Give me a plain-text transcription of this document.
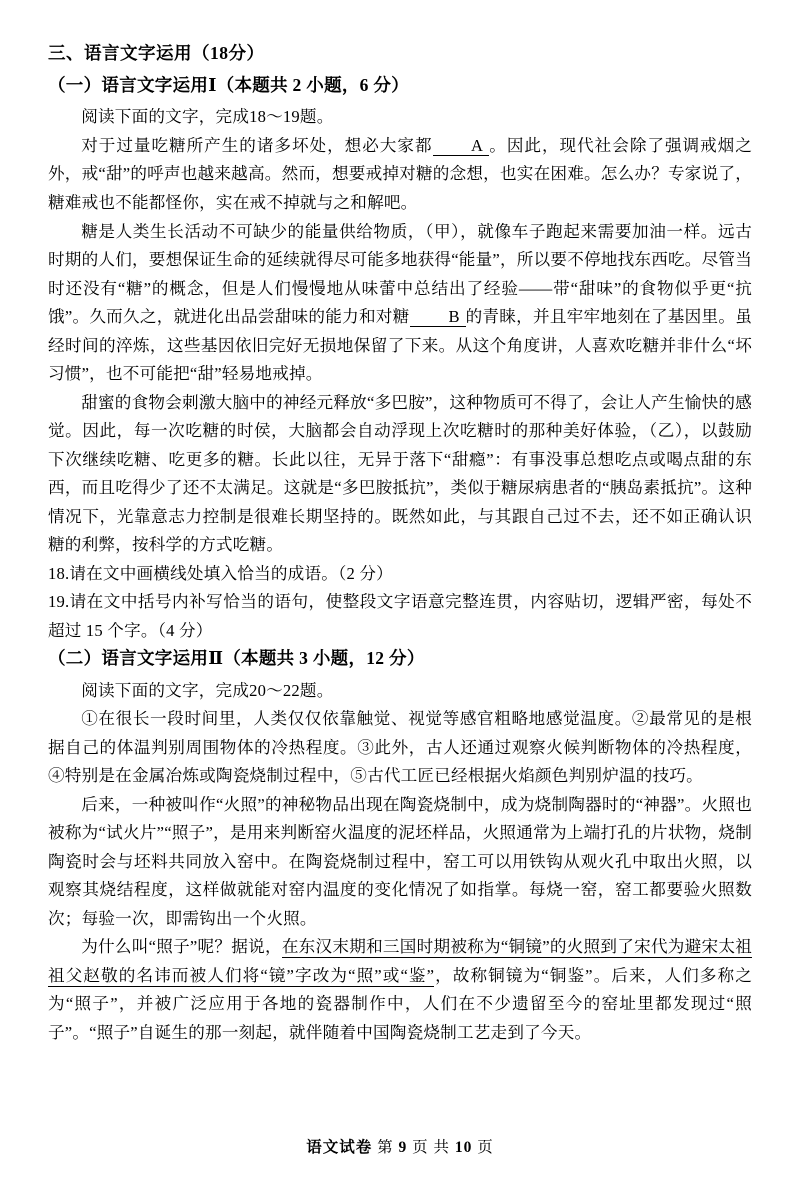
三、语言文字运用（18分）
（一）语言文字运用Ⅰ（本题共 2 小题，6 分）

阅读下面的文字，完成18～19题。

对于过量吃糖所产生的诸多坏处，想必大家都 A 。因此，现代社会除了强调戒烟之外，戒“甜”的呼声也越来越高。然而，想要戒掉对糖的念想，也实在困难。怎么办？专家说了，糖难戒也不能都怪你，实在戒不掉就与之和解吧。

糖是人类生长活动不可缺少的能量供给物质，（甲），就像车子跑起来需要加油一样。远古时期的人们，要想保证生命的延续就得尽可能多地获得“能量”，所以要不停地找东西吃。尽管当时还没有“糖”的概念，但是人们慢慢地从味蕾中总结出了经验——带“甜味”的食物似乎更“抗饿”。久而久之，就进化出品尝甜味的能力和对糖 B 的青睐，并且牢牢地刻在了基因里。虽经时间的淬炼，这些基因依旧完好无损地保留了下来。从这个角度讲，人喜欢吃糖并非什么“坏习惯”，也不可能把“甜”轻易地戒掉。

甜蜜的食物会刺激大脑中的神经元释放“多巴胺”，这种物质可不得了，会让人产生愉快的感觉。因此，每一次吃糖的时侯，大脑都会自动浮现上次吃糖时的那种美好体验，（乙），以鼓励下次继续吃糖、吃更多的糖。长此以往，无异于落下“甜瘾”：有事没事总想吃点或喝点甜的东西，而且吃得少了还不太满足。这就是“多巴胺抵抗”，类似于糖尿病患者的“胰岛素抵抗”。这种情况下，光靠意志力控制是很难长期坚持的。既然如此，与其跟自己过不去，还不如正确认识糖的利弊，按科学的方式吃糖。

18.请在文中画横线处填入恰当的成语。（2 分）

19.请在文中括号内补写恰当的语句，使整段文字语意完整连贯，内容贴切，逻辑严密，每处不超过 15 个字。（4 分）

（二）语言文字运用Ⅱ（本题共 3 小题，12 分）

阅读下面的文字，完成20～22题。

①在很长一段时间里，人类仅仅依靠触觉、视觉等感官粗略地感觉温度。②最常见的是根据自己的体温判别周围物体的冷热程度。③此外，古人还通过观察火候判断物体的冷热程度，④特别是在金属冶炼或陶瓷烧制过程中，⑤古代工匠已经根据火焰颜色判别炉温的技巧。

后来，一种被叫作“火照”的神秘物品出现在陶瓷烧制中，成为烧制陶器时的“神器”。火照也被称为“试火片”“照子”，是用来判断窑火温度的泥坯样品，火照通常为上端打孔的片状物，烧制陶瓷时会与坯料共同放入窑中。在陶瓷烧制过程中，窑工可以用铁钩从观火孔中取出火照，以观察其烧结程度，这样做就能对窑内温度的变化情况了如指掌。每烧一窑，窑工都要验火照数次；每验一次，即需钩出一个火照。

为什么叫“照子”呢？据说，在东汉末期和三国时期被称为“铜镜”的火照到了宋代为避宋太祖祖父赵敬的名讳而被人们将“镜”字改为“照”或“鉴”，故称铜镜为“铜鉴”。后来，人们多称之为“照子”，并被广泛应用于各地的瓷器制作中，人们在不少遗留至今的窑址里都发现过“照子”。“照子”自诞生的那一刻起，就伴随着中国陶瓷烧制工艺走到了今天。

语文试卷 第 9 页 共 10 页
